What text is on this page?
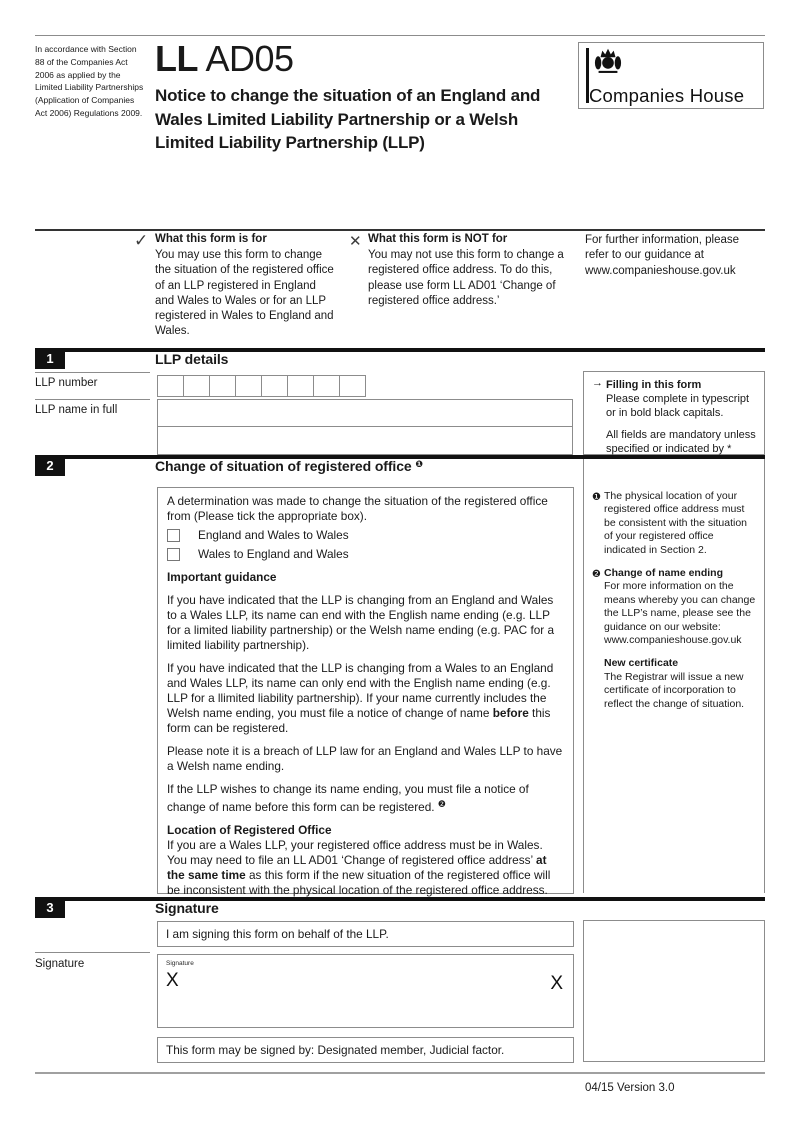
In accordance with Section 88 of the Companies Act 2006 as applied by the Limited Liability Partnerships (Application of Companies Act 2006) Regulations 2009.
LL AD05
Notice to change the situation of an England and Wales Limited Liability Partnership or a Welsh Limited Liability Partnership (LLP)
Companies House
✓ What this form is for
You may use this form to change the situation of the registered office of an LLP registered in England and Wales to Wales or for an LLP registered in Wales to England and Wales.
✕ What this form is NOT for
You may not use this form to change a registered office address. To do this, please use form LL AD01 ‘Change of registered office address.’
For further information, please refer to our guidance at www.companieshouse.gov.uk
1	LLP details
LLP number
LLP name in full
→ Filling in this form
Please complete in typescript or in bold black capitals.
All fields are mandatory unless specified or indicated by *
2	Change of situation of registered office $^❶$
A determination was made to change the situation of the registered office from (Please tick the appropriate box).
England and Wales to Wales
Wales to England and Wales
Important guidance

If you have indicated that the LLP is changing from an England and Wales to a Wales LLP, its name can end with the English name ending (e.g. LLP for a limited liability partnership) or the Welsh name ending (e.g. PAC for a limited liability partnership).

If you have indicated that the LLP is changing from a Wales to an England and Wales LLP, its name can only end with the English name ending (e.g. LLP for a llimited liability partnership). If your name currently includes the Welsh name ending, you must file a notice of change of name before this form can be registered.

Please note it is a breach of LLP law for an England and Wales LLP to have a Welsh name ending.

If the LLP wishes to change its name ending, you must file a notice of change of name before this form can be registered. $^❷$

Location of Registered Office

If you are a Wales LLP, your registered office address must be in Wales. You may need to file an LL AD01 ‘Change of registered office address’ at the same time as this form if the new situation of the registered office will be inconsistent with the physical location of the registered office address.

❶ The physical location of your registered office address must be consistent with the situation of your registered office indicated in Section 2.
❷ Change of name ending
For more information on the means whereby you can change the LLP’s name, please see the guidance on our website:
www.companieshouse.gov.uk
New certificate
The Registrar will issue a new certificate of incorporation to reflect the change of situation.
3	Signature
I am signing this form on behalf of the LLP.
Signature	Signature
X	X
This form may be signed by: Designated member, Judicial factor.
04/15 Version 3.0
